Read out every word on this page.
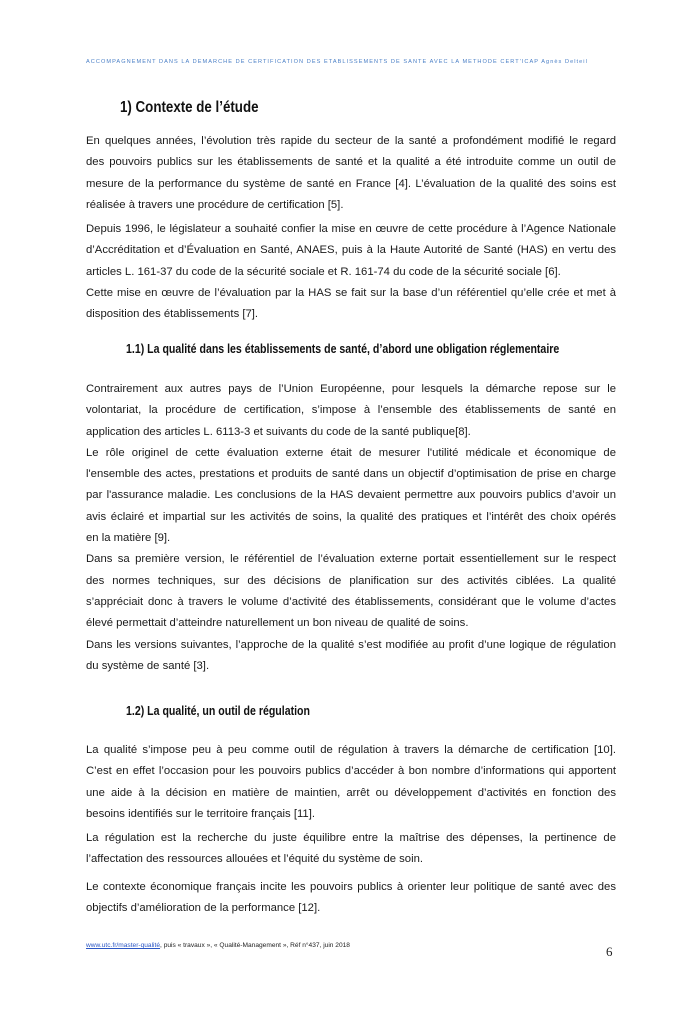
ACCOMPAGNEMENT DANS LA DEMARCHE DE CERTIFICATION DES ETABLISSEMENTS DE SANTÉ AVEC LA METHODE CERT'ICAP Agnès Delteil
1) Contexte de l’étude
En quelques années, l’évolution très rapide du secteur de la santé a profondément modifié le regard
des pouvoirs publics sur les établissements de santé et la qualité a été introduite comme un outil de
mesure de la performance du système de santé en France [4]. L’évaluation de la qualité des soins est
réalisée à travers une procédure de certification [5].
Depuis 1996, le législateur a souhaité confier la mise en œuvre de cette procédure à l’Agence Nationale
d’Accréditation et d’Évaluation en Santé, ANAES, puis à la Haute Autorité de Santé (HAS) en vertu des
articles L. 161-37 du code de la sécurité sociale et R. 161-74 du code de la sécurité sociale [6].
Cette mise en œuvre de l’évaluation par la HAS se fait sur la base d’un référentiel qu’elle crée et met à
disposition des établissements [7].
1.1) La qualité dans les établissements de santé, d’abord une obligation réglementaire
Contrairement aux autres pays de l’Union Européenne, pour lesquels la démarche repose sur le
volontariat, la procédure de certification, s’impose à l’ensemble des établissements de santé en
application des articles L. 6113-3 et suivants du code de la santé publique[8].
Le rôle originel de cette évaluation externe était de mesurer l'utilité médicale et économique de
l'ensemble des actes, prestations et produits de santé dans un objectif d’optimisation de prise en charge
par l'assurance maladie. Les conclusions de la HAS devaient permettre aux pouvoirs publics d’avoir un
avis éclairé et impartial sur les activités de soins, la qualité des pratiques et l’intérêt des choix opérés
en la matière [9].
Dans sa première version, le référentiel de l’évaluation externe portait essentiellement sur le respect
des normes techniques, sur des décisions de planification sur des activités ciblées. La qualité
s’appréciait donc à travers le volume d’activité des établissements, considérant que le volume d’actes
élevé permettait d’atteindre naturellement un bon niveau de qualité de soins.
Dans les versions suivantes, l’approche de la qualité s’est modifiée au profit d’une logique de régulation
du système de santé [3].
1.2) La qualité, un outil de régulation
La qualité s’impose peu à peu comme outil de régulation à travers la démarche de certification [10].
C’est en effet l’occasion pour les pouvoirs publics d’accéder à bon nombre d’informations qui apportent
une aide à la décision en matière de maintien, arrêt ou développement d’activités en fonction des
besoins identifiés sur le territoire français [11].
La régulation est la recherche du juste équilibre entre la maîtrise des dépenses, la pertinence de
l’affectation des ressources allouées et l’équité du système de soin.
Le contexte économique français incite les pouvoirs publics à orienter leur politique de santé avec des
objectifs d’amélioration de la performance [12].
www.utc.fr/master-qualité, puis « travaux », « Qualité-Management », Réf n°437, juin 2018	6
